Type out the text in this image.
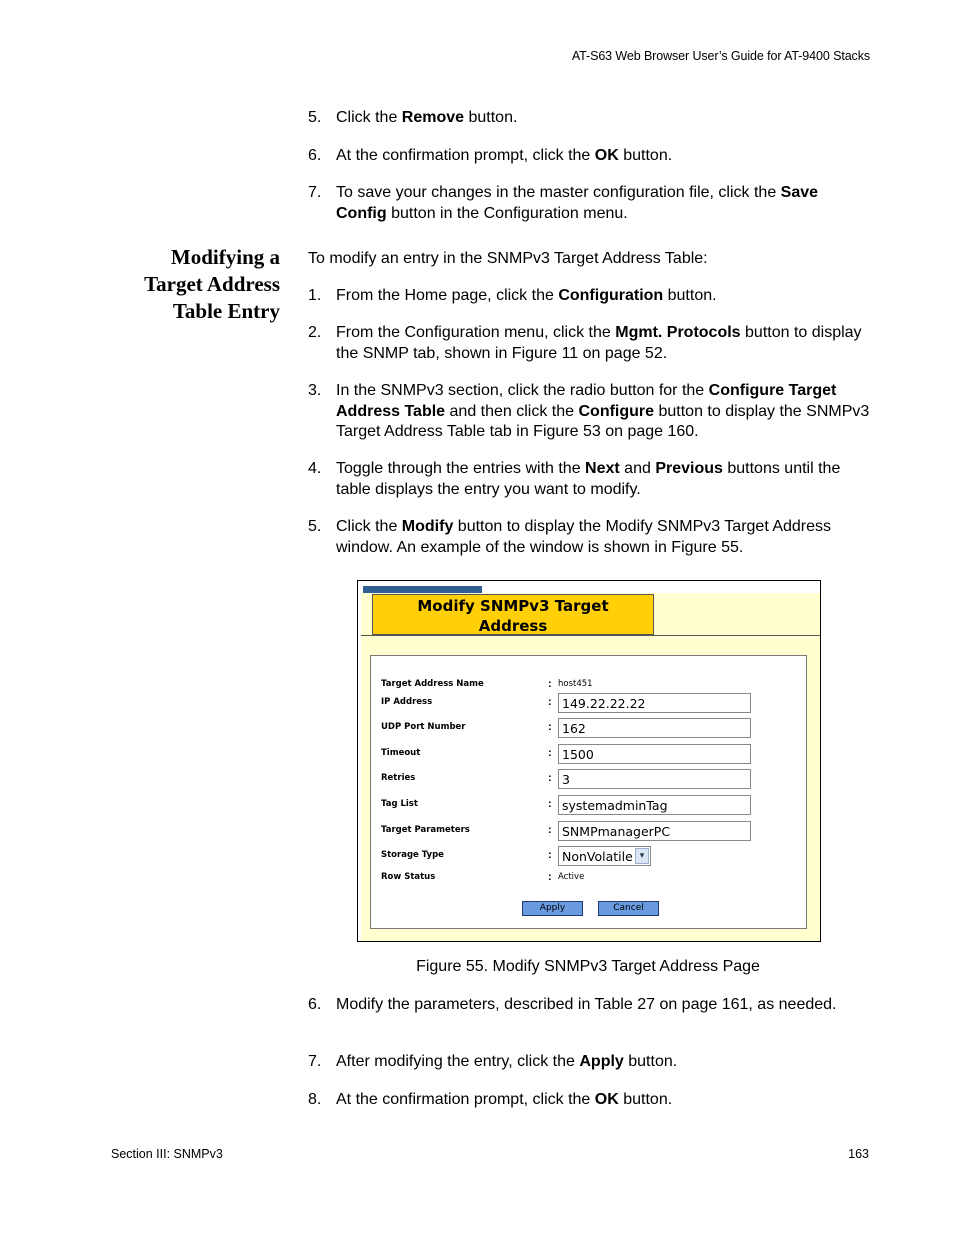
AT-S63 Web Browser User’s Guide for AT-9400 Stacks
5. Click the Remove button.
6. At the confirmation prompt, click the OK button.
7. To save your changes in the master configuration file, click the Save Config button in the Configuration menu.
Modifying a
Target Address
Table Entry
To modify an entry in the SNMPv3 Target Address Table:
1. From the Home page, click the Configuration button.
2. From the Configuration menu, click the Mgmt. Protocols button to display the SNMP tab, shown in Figure 11 on page 52.
3. In the SNMPv3 section, click the radio button for the Configure Target Address Table and then click the Configure button to display the SNMPv3 Target Address Table tab in Figure 53 on page 160.
4. Toggle through the entries with the Next and Previous buttons until the table displays the entry you want to modify.
5. Click the Modify button to display the Modify SNMPv3 Target Address window. An example of the window is shown in Figure 55.
Modify SNMPv3 Target
Address
Apply	Cancel
Target Address Name	: host451
IP Address	: 149.22.22.22
UDP Port Number	: 162
Timeout	: 1500
Retries	: 3
Tag List	: systemadminTag
Target Parameters	: SNMPmanagerPC
Storage Type	: NonVolatile ▾
Row Status	: Active
Figure 55. Modify SNMPv3 Target Address Page
6. Modify the parameters, described in Table 27 on page 161, as needed.
7. After modifying the entry, click the Apply button.
8. At the confirmation prompt, click the OK button.
Section III: SNMPv3	163
